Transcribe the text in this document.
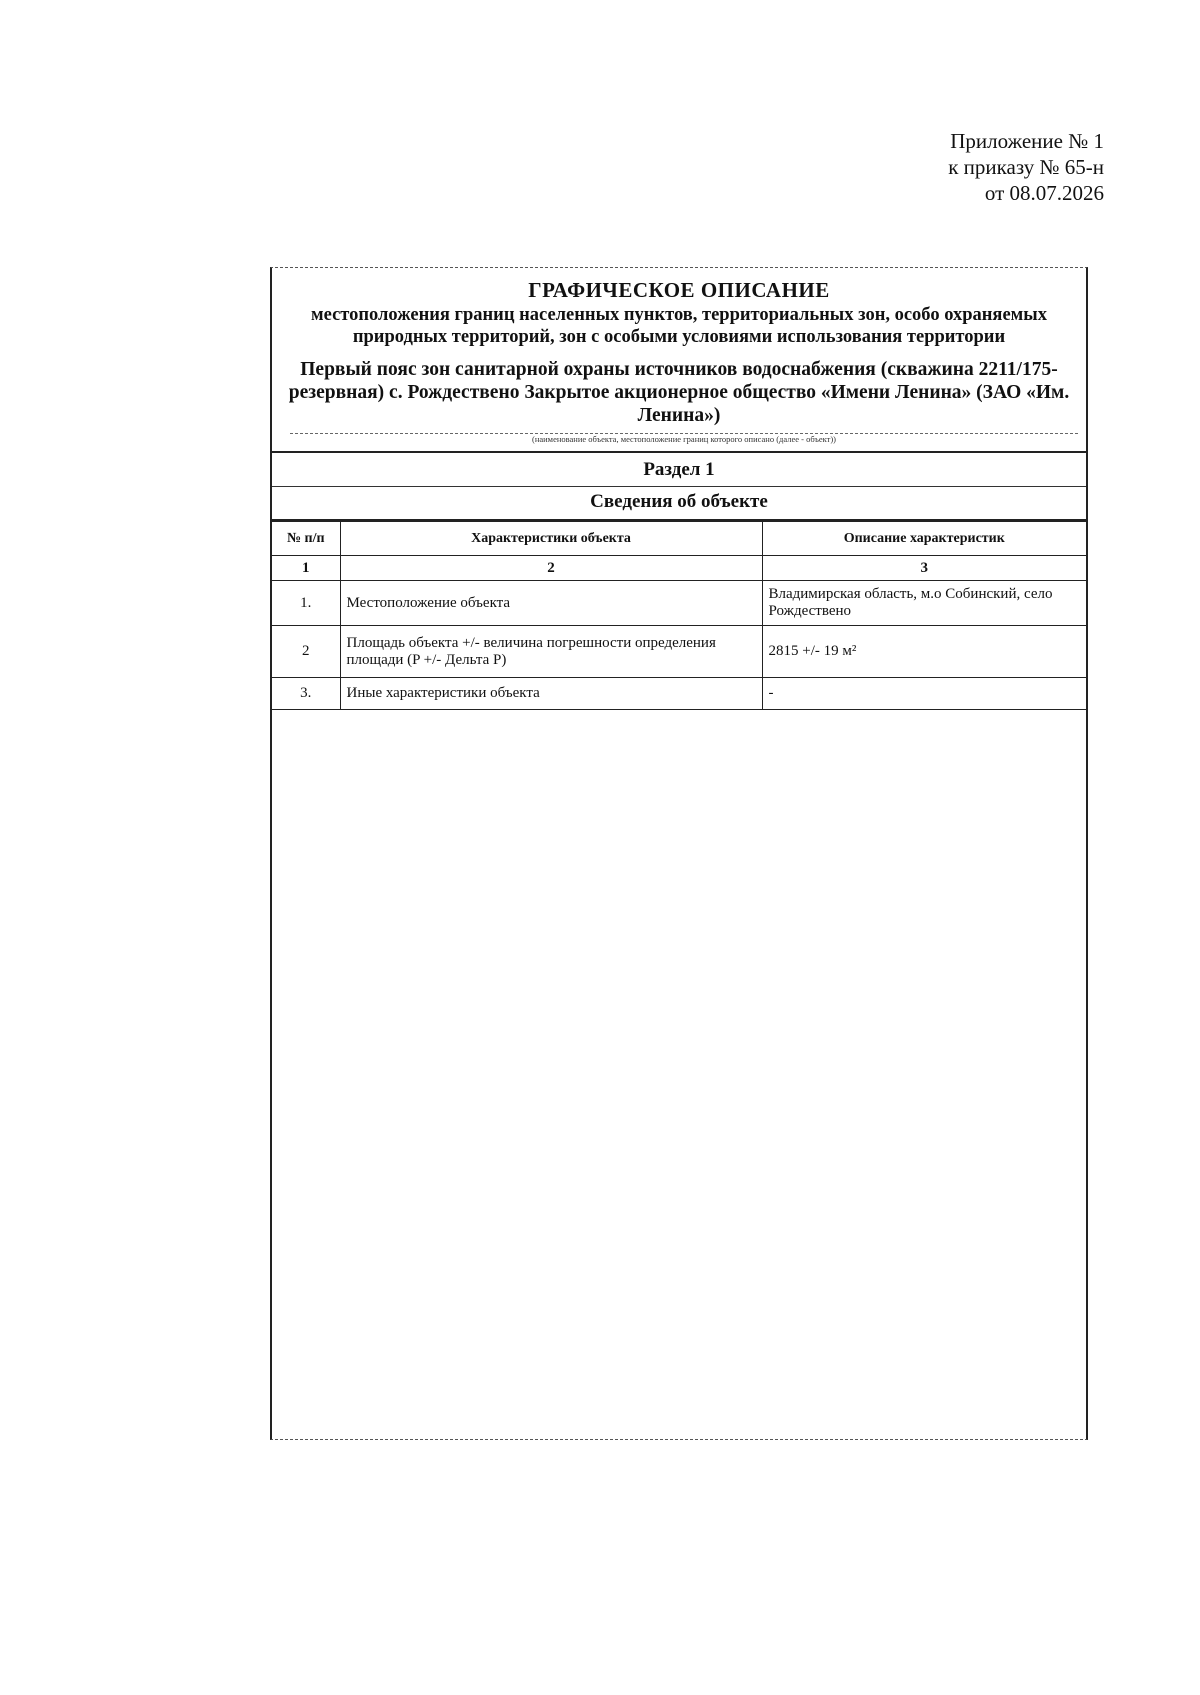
Приложение № 1
к приказу № 65-н
от 08.07.2026
ГРАФИЧЕСКОЕ ОПИСАНИЕ
местоположения границ населенных пунктов, территориальных зон, особо охраняемых природных территорий, зон с особыми условиями использования территории
Первый пояс зон санитарной охраны источников водоснабжения (скважина 2211/175-резервная) с. Рождествено Закрытое акционерное общество «Имени Ленина» (ЗАО «Им. Ленина»)
(наименование объекта, местоположение границ которого описано (далее - объект))
Раздел 1
Сведения об объекте
№ п/п	Характеристики объекта	Описание характеристик
1	2	3
1.	Местоположение объекта	Владимирская область, м.о Собинский, село Рождествено
2	Площадь объекта +/- величина погрешности определения площади (P +/- Дельта P)	2815 +/- 19 м²
3.	Иные характеристики объекта	-
